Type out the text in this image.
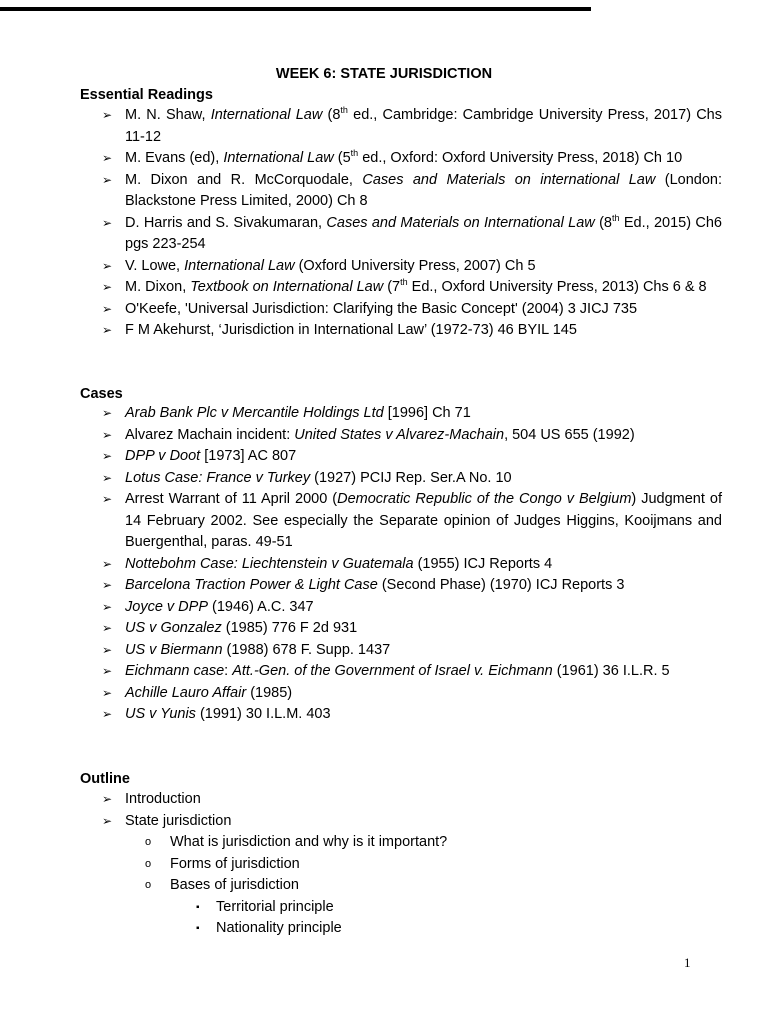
WEEK 6: STATE JURISDICTION
Essential Readings
➢ M. N. Shaw, International Law (8th ed., Cambridge: Cambridge University Press, 2017) Chs 11-12
➢ M. Evans (ed), International Law (5th ed., Oxford: Oxford University Press, 2018) Ch 10
➢ M. Dixon and R. McCorquodale, Cases and Materials on international Law (London: Blackstone Press Limited, 2000) Ch 8
➢ D. Harris and S. Sivakumaran, Cases and Materials on International Law (8th Ed., 2015) Ch6 pgs 223-254
➢ V. Lowe, International Law (Oxford University Press, 2007) Ch 5
➢ M. Dixon, Textbook on International Law (7th Ed., Oxford University Press, 2013) Chs 6 & 8
➢ O'Keefe, 'Universal Jurisdiction: Clarifying the Basic Concept' (2004) 3 JICJ 735
➢ F M Akehurst, ‘Jurisdiction in International Law’ (1972-73) 46 BYIL 145
Cases
➢ Arab Bank Plc v Mercantile Holdings Ltd [1996] Ch 71
➢ Alvarez Machain incident: United States v Alvarez-Machain, 504 US 655 (1992)
➢ DPP v Doot [1973] AC 807
➢ Lotus Case: France v Turkey (1927) PCIJ Rep. Ser.A No. 10
➢ Arrest Warrant of 11 April 2000 (Democratic Republic of the Congo v Belgium) Judgment of 14 February 2002. See especially the Separate opinion of Judges Higgins, Kooijmans and Buergenthal, paras. 49-51
➢ Nottebohm Case: Liechtenstein v Guatemala (1955) ICJ Reports 4
➢ Barcelona Traction Power & Light Case (Second Phase) (1970) ICJ Reports 3
➢ Joyce v DPP (1946) A.C. 347
➢ US v Gonzalez (1985) 776 F 2d 931
➢ US v Biermann (1988) 678 F. Supp. 1437
➢ Eichmann case: Att.-Gen. of the Government of Israel v. Eichmann (1961) 36 I.L.R. 5
➢ Achille Lauro Affair (1985)
➢ US v Yunis (1991) 30 I.L.M. 403
Outline
➢ Introduction
➢ State jurisdiction
o What is jurisdiction and why is it important?
o Forms of jurisdiction
o Bases of jurisdiction
▪ Territorial principle
▪ Nationality principle
1
